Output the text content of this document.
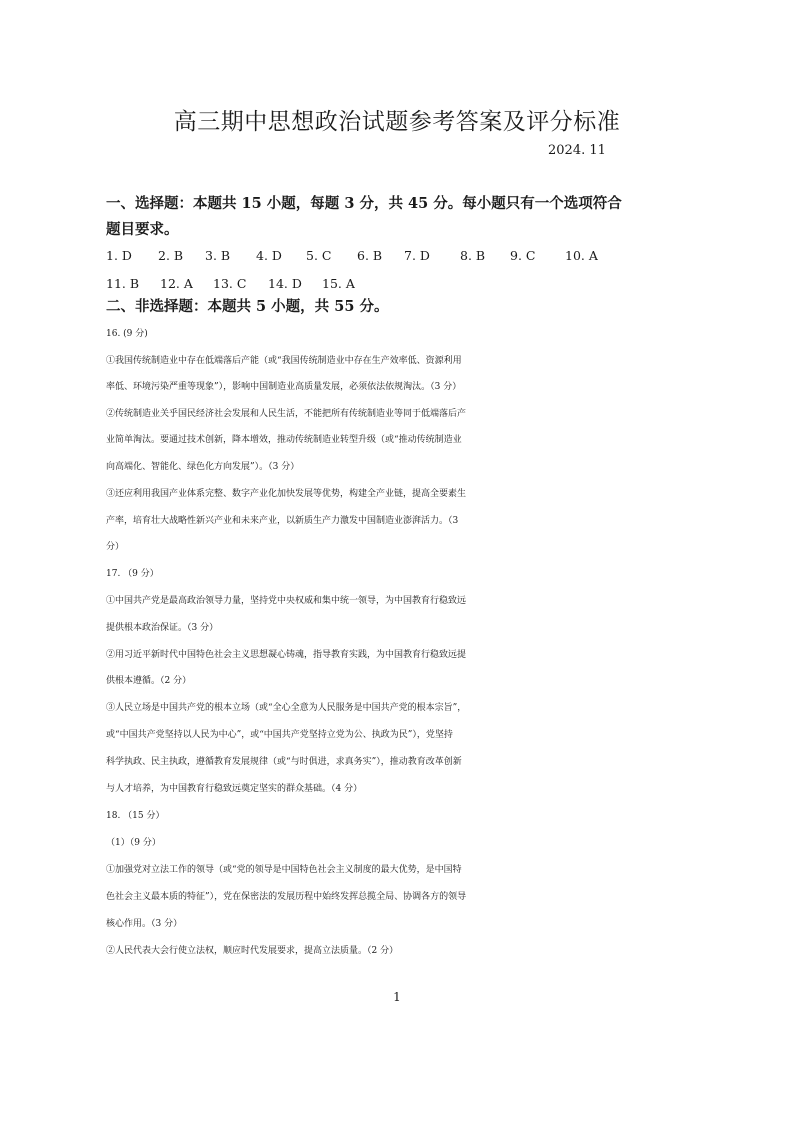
高三期中思想政治试题参考答案及评分标准
2024. 11
一、选择题：本题共 15 小题，每题 3 分，共 45 分。每小题只有一个选项符合
题目要求。
1. D 2. B 3. B 4. D 5. C 6. B 7. D 8. B 9. C 10. A
11. B 12. A 13. C 14. D 15. A
二、非选择题：本题共 5 小题，共 55 分。
16. (9 分)
①我国传统制造业中存在低端落后产能（或“我国传统制造业中存在生产效率低、资源利用
率低、环境污染严重等现象”），影响中国制造业高质量发展，必须依法依规淘汰。（3 分）
②传统制造业关乎国民经济社会发展和人民生活，不能把所有传统制造业等同于低端落后产
业简单淘汰。要通过技术创新，降本增效，推动传统制造业转型升级（或“推动传统制造业
向高端化、智能化、绿色化方向发展”）。（3 分）
③还应利用我国产业体系完整、数字产业化加快发展等优势，构建全产业链，提高全要素生
产率，培育壮大战略性新兴产业和未来产业，以新质生产力激发中国制造业澎湃活力。（3
分）
17. （9 分）
①中国共产党是最高政治领导力量，坚持党中央权威和集中统一领导，为中国教育行稳致远
提供根本政治保证。（3 分）
②用习近平新时代中国特色社会主义思想凝心铸魂，指导教育实践，为中国教育行稳致远提
供根本遵循。（2 分）
③人民立场是中国共产党的根本立场（或“全心全意为人民服务是中国共产党的根本宗旨”，
或“中国共产党坚持以人民为中心”，或“中国共产党坚持立党为公、执政为民”），党坚持
科学执政、民主执政，遵循教育发展规律（或“与时俱进，求真务实”），推动教育改革创新
与人才培养，为中国教育行稳致远奠定坚实的群众基础。（4 分）
18. （15 分）
（1）（9 分）
①加强党对立法工作的领导（或“党的领导是中国特色社会主义制度的最大优势，是中国特
色社会主义最本质的特征”），党在保密法的发展历程中始终发挥总揽全局、协调各方的领导
核心作用。（3 分）
②人民代表大会行使立法权，顺应时代发展要求，提高立法质量。（2 分）
1
